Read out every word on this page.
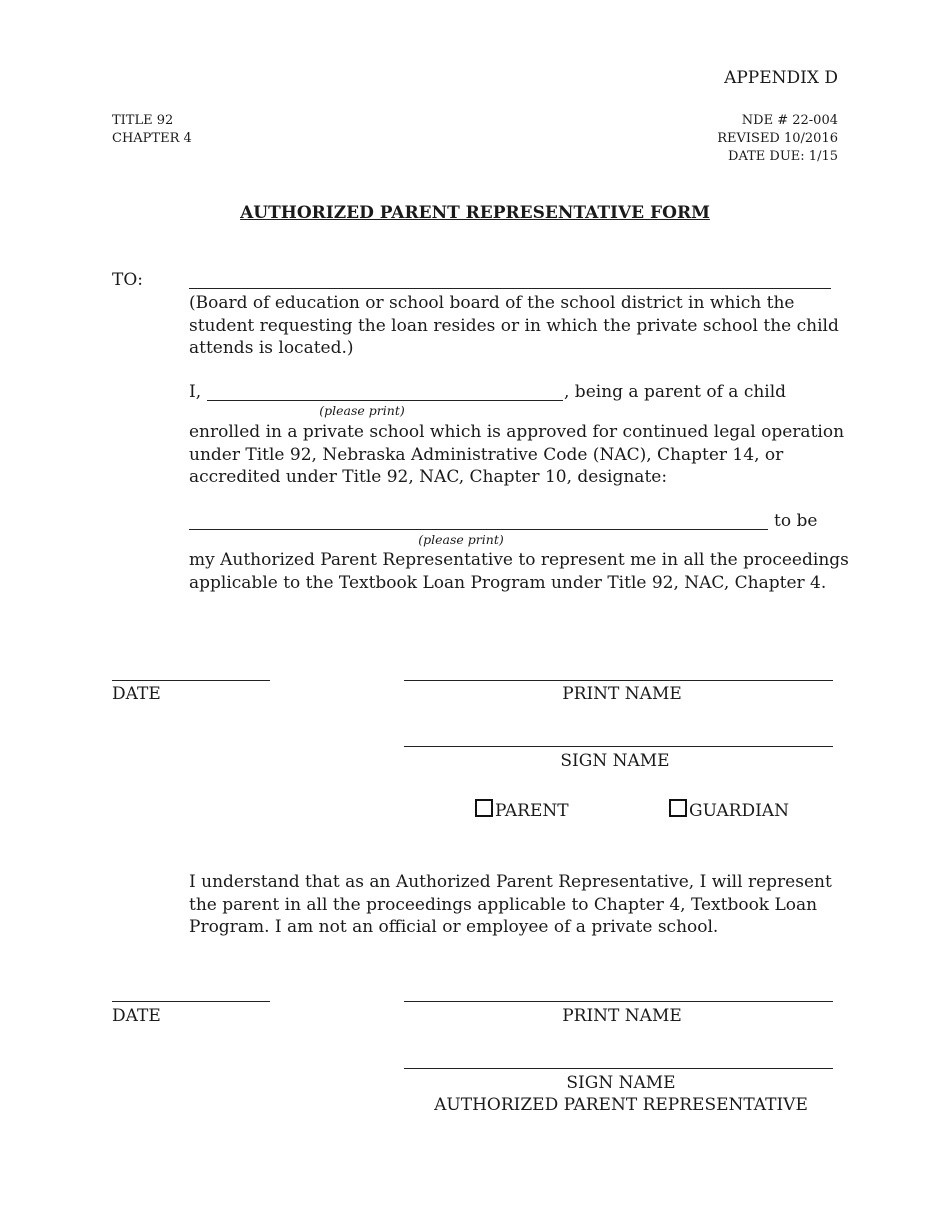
APPENDIX D
TITLE 92
CHAPTER 4
NDE # 22-004
REVISED 10/2016
DATE DUE: 1/15
AUTHORIZED PARENT REPRESENTATIVE FORM
TO:
(Board of education or school board of the school district in which the student requesting the loan resides or in which the private school the child attends is located.)
I,	, being a parent of a child
(please print)
enrolled in a private school which is approved for continued legal operation under Title 92, Nebraska Administrative Code (NAC), Chapter 14, or accredited under Title 92, NAC, Chapter 10, designate:
to be
(please print)
my Authorized Parent Representative to represent me in all the proceedings applicable to the Textbook Loan Program under Title 92, NAC, Chapter 4.
DATE	PRINT NAME
SIGN NAME
PARENT	GUARDIAN
I understand that as an Authorized Parent Representative, I will represent the parent in all the proceedings applicable to Chapter 4, Textbook Loan Program. I am not an official or employee of a private school.
DATE	PRINT NAME
SIGN NAME
AUTHORIZED PARENT REPRESENTATIVE
